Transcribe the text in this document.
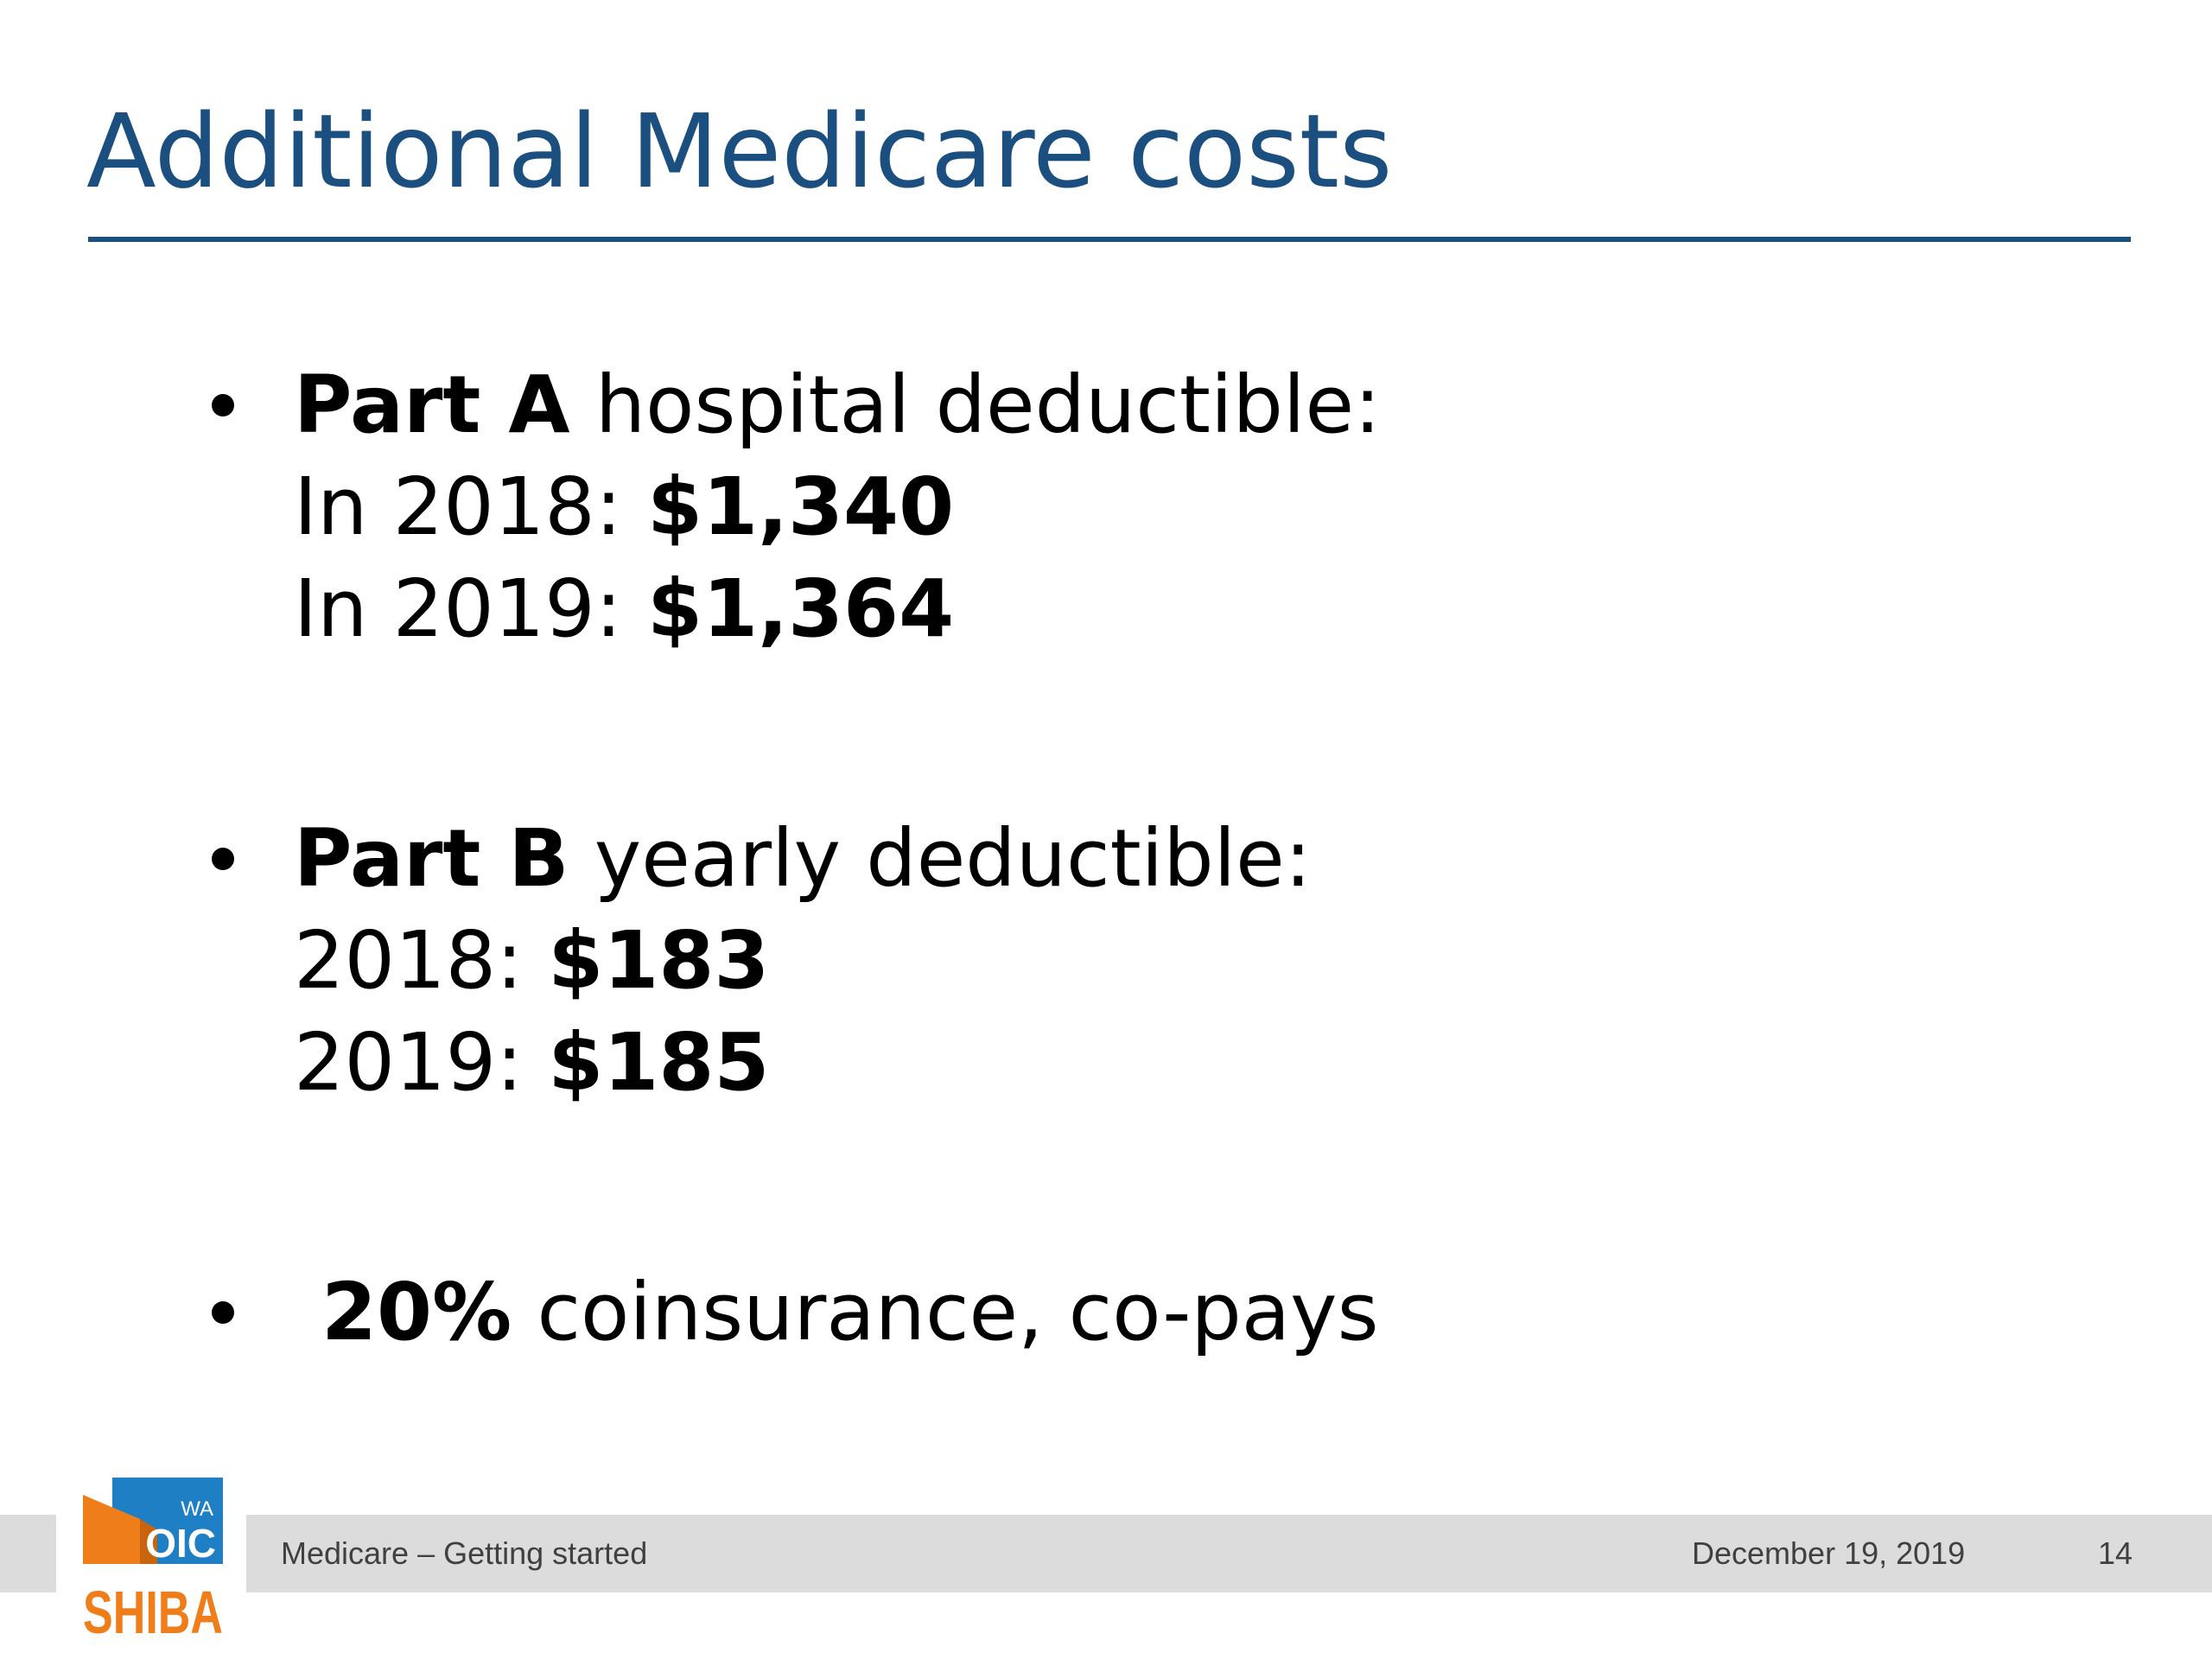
Additional Medicare costs
Part A hospital deductible:
In 2018: $1,340
In 2019: $1,364
Part B yearly deductible:
2018: $183
2019: $185
20% coinsurance, co-pays
WA
OIC
SHIBA
Medicare – Getting started	December 19, 2019	14
